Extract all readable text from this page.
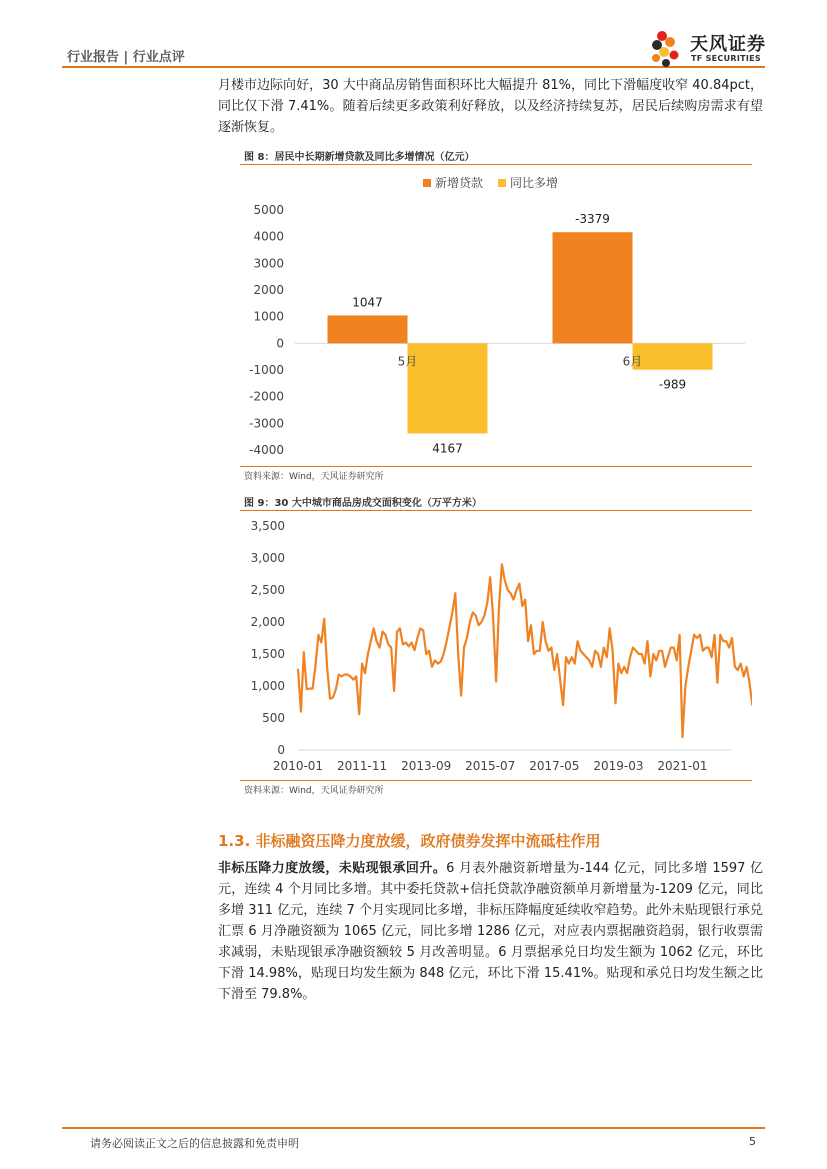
行业报告 | 行业点评
天风证券
TF SECURITIES
月楼市边际向好，30 大中商品房销售面积环比大幅提升 81%，同比下滑幅度收窄 40.84pct，同比仅下滑 7.41%。随着后续更多政策利好释放，以及经济持续复苏，居民后续购房需求有望逐渐恢复。
图 8：居民中长期新增贷款及同比多增情况（亿元）
新增贷款 同比多增
5000
4000
3000
2000
1000
0
-1000
-2000
-3000
-4000
1047
4167
5月
-3379
-989
6月
资料来源：Wind，天风证券研究所
图 9：30 大中城市商品房成交面积变化（万平方米）
3,500
3,000
2,500
2,000
1,500
1,000
500
0
2010-01 2011-11 2013-09 2015-07 2017-05 2019-03 2021-01
资料来源：Wind，天风证券研究所
1.3. 非标融资压降力度放缓，政府债券发挥中流砥柱作用
非标压降力度放缓，未贴现银承回升。6 月表外融资新增量为-144 亿元，同比多增 1597 亿元，连续 4 个月同比多增。其中委托贷款+信托贷款净融资额单月新增量为-1209 亿元，同比多增 311 亿元，连续 7 个月实现同比多增，非标压降幅度延续收窄趋势。此外未贴现银行承兑汇票 6 月净融资额为 1065 亿元，同比多增 1286 亿元，对应表内票据融资趋弱，银行收票需求减弱，未贴现银承净融资额较 5 月改善明显。6 月票据承兑日均发生额为 1062 亿元，环比下滑 14.98%，贴现日均发生额为 848 亿元，环比下滑 15.41%。贴现和承兑日均发生额之比下滑至 79.8%。
请务必阅读正文之后的信息披露和免责申明	5
